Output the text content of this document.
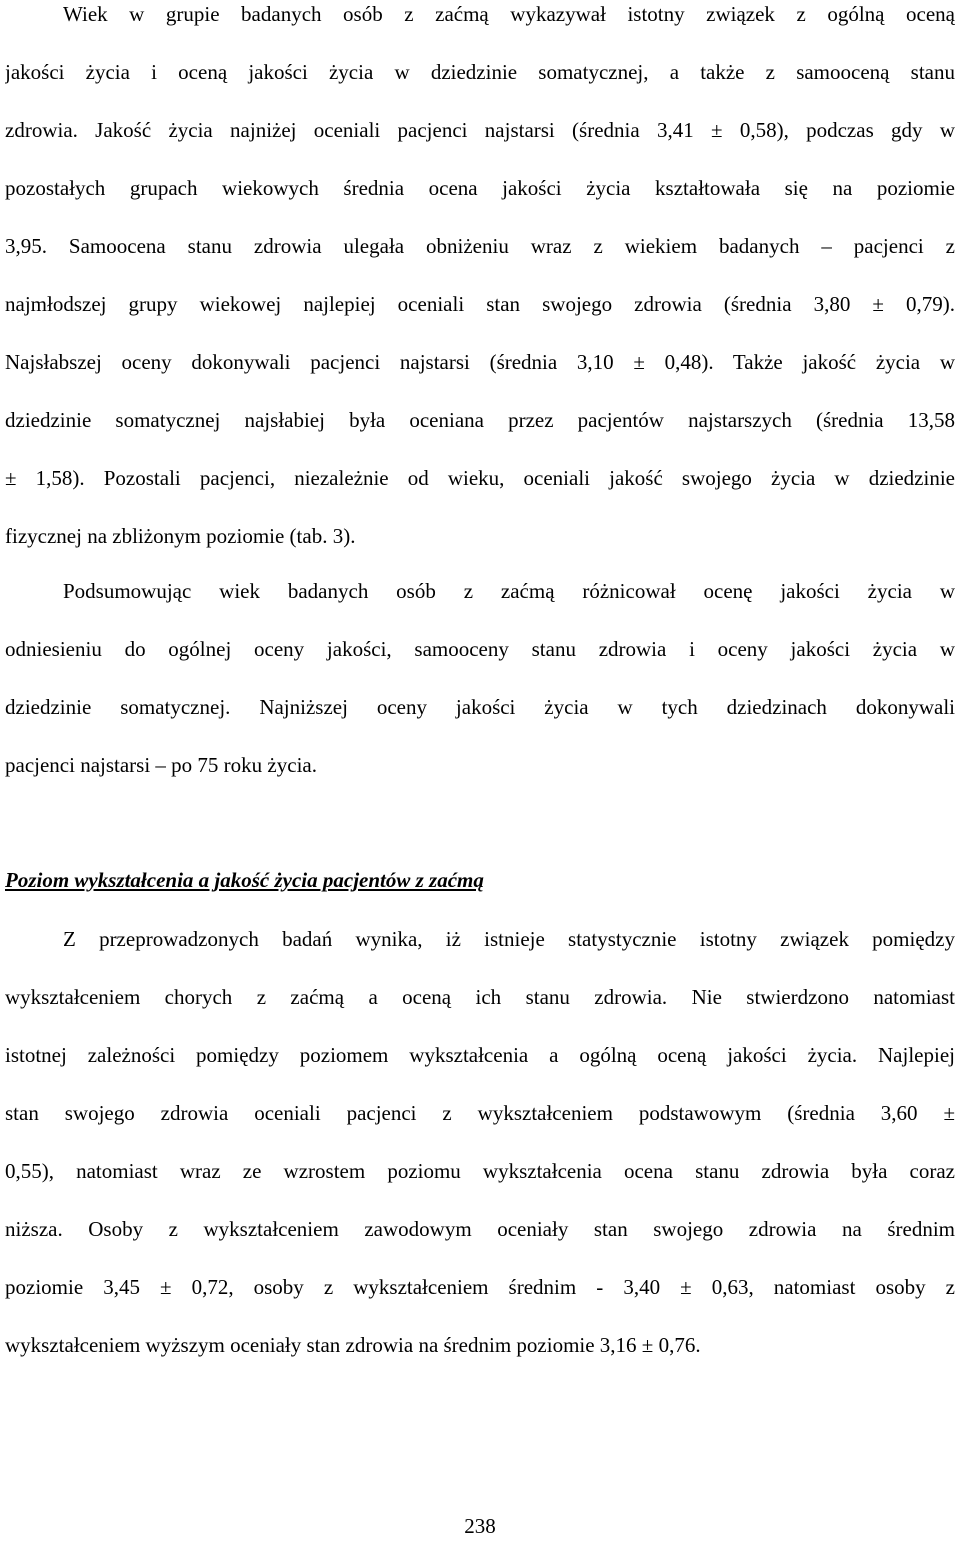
Wiek w grupie badanych osób z zaćmą wykazywał istotny związek z ogólną oceną
jakości życia i oceną jakości życia w dziedzinie somatycznej, a także z samooceną stanu
zdrowia. Jakość życia najniżej oceniali pacjenci najstarsi (średnia 3,41 ± 0,58), podczas gdy w
pozostałych grupach wiekowych średnia ocena jakości życia kształtowała się na poziomie
3,95. Samoocena stanu zdrowia ulegała obniżeniu wraz z wiekiem badanych – pacjenci z
najmłodszej grupy wiekowej najlepiej oceniali stan swojego zdrowia (średnia 3,80 ± 0,79).
Najsłabszej oceny dokonywali pacjenci najstarsi (średnia 3,10 ± 0,48). Także jakość życia w
dziedzinie somatycznej najsłabiej była oceniana przez pacjentów najstarszych (średnia 13,58
± 1,58). Pozostali pacjenci, niezależnie od wieku, oceniali jakość swojego życia w dziedzinie
fizycznej na zbliżonym poziomie (tab. 3).
Podsumowując wiek badanych osób z zaćmą różnicował ocenę jakości życia w
odniesieniu do ogólnej oceny jakości, samooceny stanu zdrowia i oceny jakości życia w
dziedzinie somatycznej. Najniższej oceny jakości życia w tych dziedzinach dokonywali
pacjenci najstarsi – po 75 roku życia.
Poziom wykształcenia a jakość życia pacjentów z zaćmą
Z przeprowadzonych badań wynika, iż istnieje statystycznie istotny związek pomiędzy
wykształceniem chorych z zaćmą a oceną ich stanu zdrowia. Nie stwierdzono natomiast
istotnej zależności pomiędzy poziomem wykształcenia a ogólną oceną jakości życia. Najlepiej
stan swojego zdrowia oceniali pacjenci z wykształceniem podstawowym (średnia 3,60 ±
0,55), natomiast wraz ze wzrostem poziomu wykształcenia ocena stanu zdrowia była coraz
niższa. Osoby z wykształceniem zawodowym oceniały stan swojego zdrowia na średnim
poziomie 3,45 ± 0,72, osoby z wykształceniem średnim - 3,40 ± 0,63, natomiast osoby z
wykształceniem wyższym oceniały stan zdrowia na średnim poziomie 3,16 ± 0,76.
238
